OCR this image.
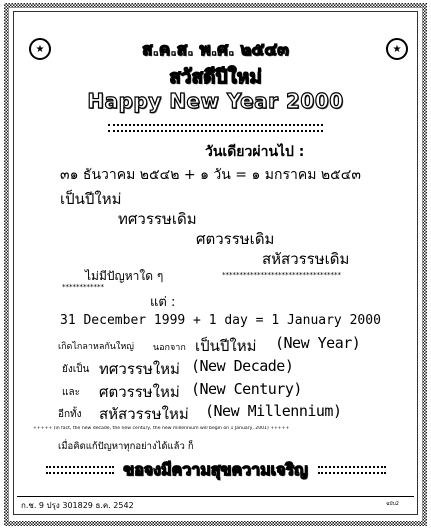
★
★
ส.ค.ส. พ.ศ. ๒๕๔๓
สวัสดีปีใหม่
Happy New Year 2000
วันเดียวผ่านไป :
๓๑ ธันวาคม ๒๕๔๒ + ๑ วัน = ๑ มกราคม ๒๕๔๓
เป็นปีใหม่
ทศวรรษเดิม
ศตวรรษเดิม
สหัสวรรษเดิม
ไม่มีปัญหาใด ๆ	**********************************
************
แต่ :
31 December 1999 + 1 day = 1 January 2000
เกิดไกลาหลกันใหญ่ นอกจาก เป็นปีใหม่ (New Year)
ยังเป็น ทศวรรษใหม่ (New Decade)
และ ศตวรรษใหม่ (New Century)
อีกทั้ง สหัสวรรษใหม่ (New Millennium)
+++++ (in fact, the new decade, the new century, the new millennium will begin on 1 January, 2001) +++++
เมื่อคิดแก้ปัญหาทุกอย่างได้แล้ว ก็
ขอจงมีความสุขความเจริญ
ก.ช. 9 ปรุง 301829 ธ.ค. 2542	ฉบับ2
